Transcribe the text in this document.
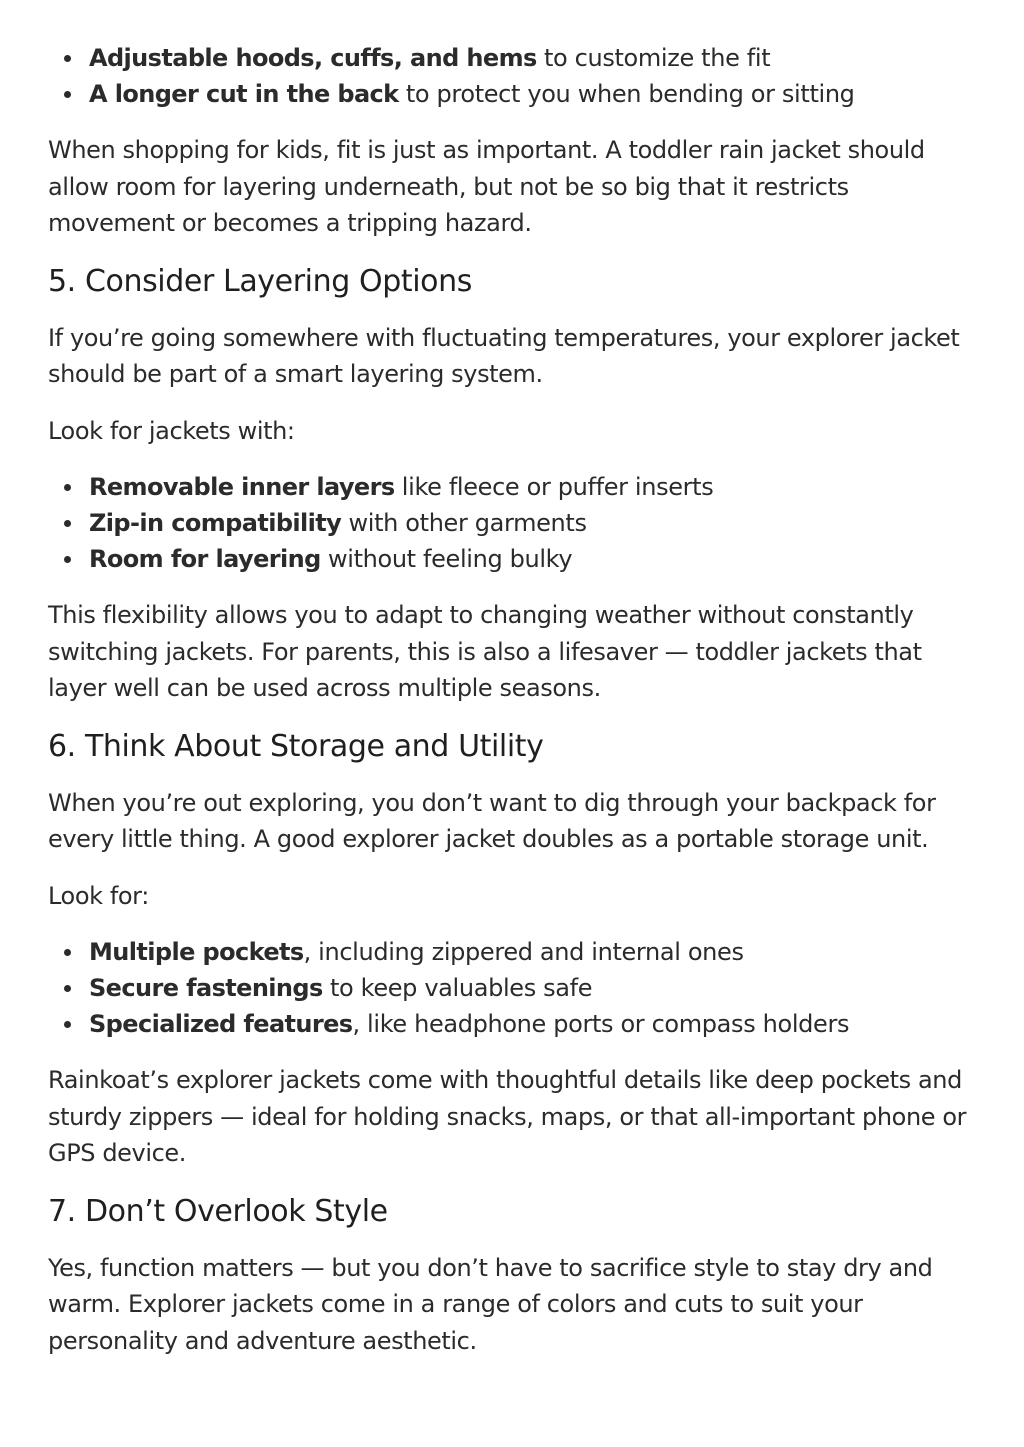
Adjustable hoods, cuffs, and hems to customize the fit
A longer cut in the back to protect you when bending or sitting

When shopping for kids, fit is just as important. A toddler rain jacket should allow room for layering underneath, but not be so big that it restricts movement or becomes a tripping hazard.

5. Consider Layering Options

If you’re going somewhere with fluctuating temperatures, your explorer jacket should be part of a smart layering system.

Look for jackets with:

Removable inner layers like fleece or puffer inserts
Zip-in compatibility with other garments
Room for layering without feeling bulky

This flexibility allows you to adapt to changing weather without constantly switching jackets. For parents, this is also a lifesaver — toddler jackets that layer well can be used across multiple seasons.

6. Think About Storage and Utility

When you’re out exploring, you don’t want to dig through your backpack for every little thing. A good explorer jacket doubles as a portable storage unit.

Look for:

Multiple pockets, including zippered and internal ones
Secure fastenings to keep valuables safe
Specialized features, like headphone ports or compass holders

Rainkoat’s explorer jackets come with thoughtful details like deep pockets and sturdy zippers — ideal for holding snacks, maps, or that all-important phone or GPS device.

7. Don’t Overlook Style

Yes, function matters — but you don’t have to sacrifice style to stay dry and warm. Explorer jackets come in a range of colors and cuts to suit your personality and adventure aesthetic.
